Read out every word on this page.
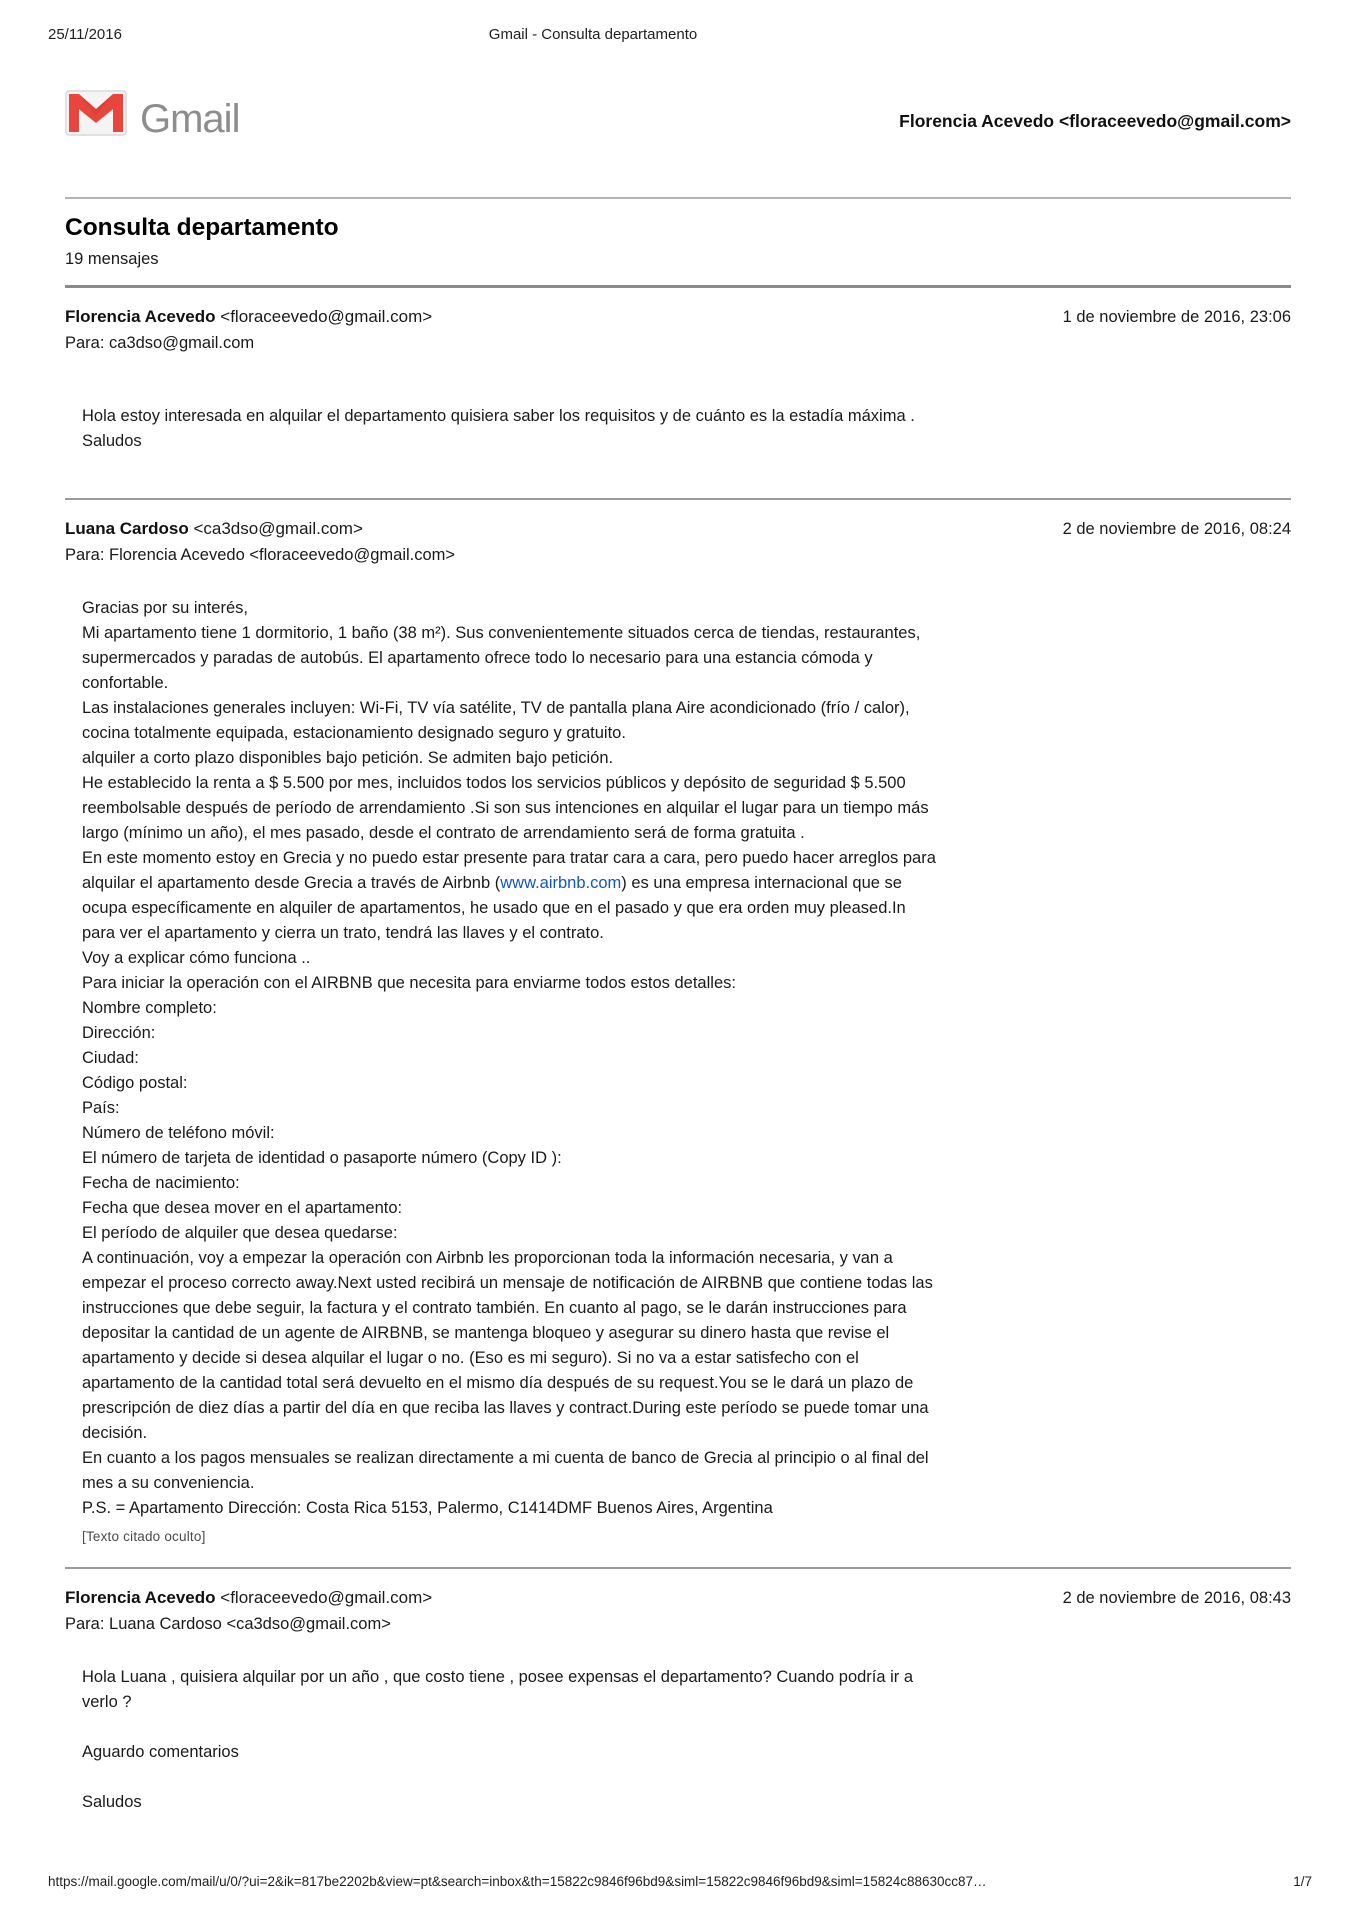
25/11/2016	Gmail - Consulta departamento
Gmail	Florencia Acevedo <floraceevedo@gmail.com>
Consulta departamento
19 mensajes
Florencia Acevedo <floraceevedo@gmail.com>	1 de noviembre de 2016, 23:06
Para: ca3dso@gmail.com
Hola estoy interesada en alquilar el departamento quisiera saber los requisitos y de cuánto es la estadía máxima .
Saludos
Luana Cardoso <ca3dso@gmail.com>	2 de noviembre de 2016, 08:24
Para: Florencia Acevedo <floraceevedo@gmail.com>
Gracias por su interés,
Mi apartamento tiene 1 dormitorio, 1 baño (38 m²). Sus convenientemente situados cerca de tiendas, restaurantes,
supermercados y paradas de autobús. El apartamento ofrece todo lo necesario para una estancia cómoda y
confortable.
Las instalaciones generales incluyen: Wi-Fi, TV vía satélite, TV de pantalla plana Aire acondicionado (frío / calor),
cocina totalmente equipada, estacionamiento designado seguro y gratuito.
alquiler a corto plazo disponibles bajo petición. Se admiten bajo petición.
He establecido la renta a $ 5.500 por mes, incluidos todos los servicios públicos y depósito de seguridad $ 5.500
reembolsable después de período de arrendamiento .Si son sus intenciones en alquilar el lugar para un tiempo más
largo (mínimo un año), el mes pasado, desde el contrato de arrendamiento será de forma gratuita .
En este momento estoy en Grecia y no puedo estar presente para tratar cara a cara, pero puedo hacer arreglos para
alquilar el apartamento desde Grecia a través de Airbnb (www.airbnb.com) es una empresa internacional que se
ocupa específicamente en alquiler de apartamentos, he usado que en el pasado y que era orden muy pleased.In
para ver el apartamento y cierra un trato, tendrá las llaves y el contrato.
Voy a explicar cómo funciona ..
Para iniciar la operación con el AIRBNB que necesita para enviarme todos estos detalles:
Nombre completo:
Dirección:
Ciudad:
Código postal:
País:
Número de teléfono móvil:
El número de tarjeta de identidad o pasaporte número (Copy ID ):
Fecha de nacimiento:
Fecha que desea mover en el apartamento:
El período de alquiler que desea quedarse:
A continuación, voy a empezar la operación con Airbnb les proporcionan toda la información necesaria, y van a
empezar el proceso correcto away.Next usted recibirá un mensaje de notificación de AIRBNB que contiene todas las
instrucciones que debe seguir, la factura y el contrato también. En cuanto al pago, se le darán instrucciones para
depositar la cantidad de un agente de AIRBNB, se mantenga bloqueo y asegurar su dinero hasta que revise el
apartamento y decide si desea alquilar el lugar o no. (Eso es mi seguro). Si no va a estar satisfecho con el
apartamento de la cantidad total será devuelto en el mismo día después de su request.You se le dará un plazo de
prescripción de diez días a partir del día en que reciba las llaves y contract.During este período se puede tomar una
decisión.
En cuanto a los pagos mensuales se realizan directamente a mi cuenta de banco de Grecia al principio o al final del
mes a su conveniencia.
P.S. = Apartamento Dirección: Costa Rica 5153, Palermo, C1414DMF Buenos Aires, Argentina
[Texto citado oculto]
Florencia Acevedo <floraceevedo@gmail.com>	2 de noviembre de 2016, 08:43
Para: Luana Cardoso <ca3dso@gmail.com>
Hola Luana , quisiera alquilar por un año , que costo tiene , posee expensas el departamento? Cuando podría ir a
verlo ?

Aguardo comentarios

Saludos
https://mail.google.com/mail/u/0/?ui=2&ik=817be2202b&view=pt&search=inbox&th=15822c9846f96bd9&siml=15822c9846f96bd9&siml=15824c88630cc87…	1/7
